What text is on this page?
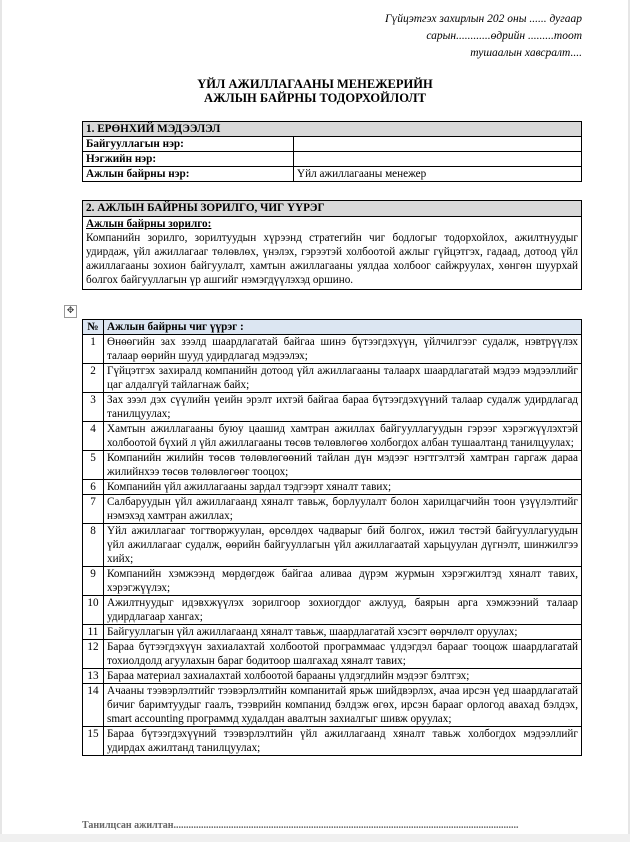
Гүйцэтгэх захирлын 202 оны ...... дугаар
сарын............өдрийн .........тоот
тушаалын хавсралт....
ҮЙЛ АЖИЛЛАГААНЫ МЕНЕЖЕРИЙН
АЖЛЫН БАЙРНЫ ТОДОРХОЙЛОЛТ
1. ЕРӨНХИЙ МЭДЭЭЛЭЛ	
Байгууллагын нэр:	
Нэгжийн нэр:	
Ажлын байрны нэр:	Үйл ажиллагааны менежер
2. АЖЛЫН БАЙРНЫ ЗОРИЛГО, ЧИГ ҮҮРЭГ

Ажлын байрны зорилго:
Компанийн зорилго, зорилтуудын хүрээнд стратегийн чиг бодлогыг тодорхойлох, ажилтнуудыг удирдаж, үйл ажиллагааг төлөвлөх, үнэлэх, гэрээтэй холбоотой ажлыг гүйцэтгэх, гадаад, дотоод үйл ажиллагааны зохион байгуулалт, хамтын ажиллагааны уялдаа холбоог сайжруулах, хөнгөн шуурхай болгох байгууллагын үр ашгийг нэмэгдүүлэхэд оршино.
✥
№	Ажлын байрны чиг үүрэг :
1	Өнөөгийн зах зээлд шаардлагатай байгаа шинэ бүтээгдэхүүн, үйлчилгээг судалж, нэвтрүүлэх талаар өөрийн шууд удирдлагад мэдээлэх;
2	Гүйцэтгэх захиралд компанийн дотоод үйл ажиллагааны талаарх шаардлагатай мэдээ мэдээллийг цаг алдалгүй тайлагнаж байх;
3	Зах зээл дэх сүүлийн үеийн эрэлт ихтэй байгаа бараа бүтээгдэхүүний талаар судалж удирдлагад танилцуулах;
4	Хамтын ажиллагааны буюу цаашид хамтран ажиллах байгууллагуудын гэрээг хэрэгжүүлэхтэй холбоотой бүхий л үйл ажиллагааны төсөв төлөвлөгөө холбогдох албан тушаалтанд танилцуулах;
5	Компанийн жилийн төсөв төлөвлөгөөний тайлан дүн мэдээг нэгтгэлтэй хамтран гаргаж дараа жилийнхээ төсөв төлөвлөгөөг тооцох;
6	Компанийн үйл ажиллагааны зардал тэдгээрт хяналт тавих;
7	Салбаруудын үйл ажиллагаанд хяналт тавьж, борлуулалт болон харилцагчийн тоон үзүүлэлтийг нэмэхэд хамтран ажиллах;
8	Үйл ажиллагааг тогтворжуулан, өрсөлдөх чадварыг бий болгох, ижил төстэй байгууллагуудын үйл ажиллагааг судалж, өөрийн байгууллагын үйл ажиллагаатай харьцуулан дүгнэлт, шинжилгээ хийх;
9	Компанийн хэмжээнд мөрдөгдөж байгаа аливаа дүрэм журмын хэрэгжилтэд хяналт тавих, хэрэгжүүлэх;
10	Ажилтнуудыг идэвхжүүлэх зорилгоор зохиогддог ажлууд, баярын арга хэмжээний талаар удирдлагаар хангах;
11	Байгууллагын үйл ажиллагаанд хяналт тавьж, шаардлагатай хэсэгт өөрчлөлт оруулах;
12	Бараа бүтээгдэхүүн захиалахтай холбоотой программаас үлдэгдэл барааг тооцож шаардлагатай тохиолдолд агуулахын бараг бодитоор шалгахад хяналт тавих;
13	Бараа материал захиалахтай холбоотой барааны үлдэгдлийн мэдээг бэлтгэх;
14	Ачааны тээвэрлэлтийг тээвэрлэлтийн компанитай ярьж шийдвэрлэх, ачаа ирсэн үед шаардлагатай бичиг баримтуудыг гаалъ, тээврийн компанид бэлдэж өгөх, ирсэн барааг орлогод авахад бэлдэх, smart accounting программд худалдан авалтын захиалгыг шивж оруулах;
15	Бараа бүтээгдэхүүний тээвэрлэлтийн үйл ажиллагаанд хяналт тавьж холбогдох мэдээллийг удирдах ажилтанд танилцуулах;
Танилцсан ажилтан..........................................................................................................................................
